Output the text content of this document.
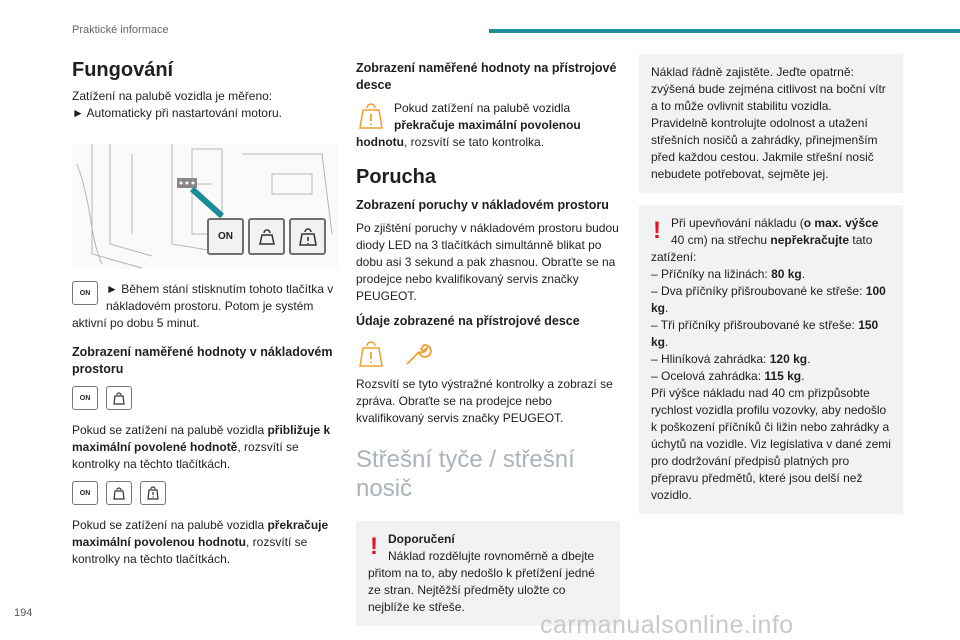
Praktické informace
Fungování

Zatížení na palubě vozidla je měřeno:

► Automaticky při nastartování motoru.

ON
ON	► Během stání stisknutím tohoto tlačítka v nákladovém prostoru. Potom je systém aktivní po dobu 5 minut.
Zobrazení naměřené hodnoty v nákladovém prostoru
ON

Pokud se zatížení na palubě vozidla přibližuje k maximální povolené hodnotě, rozsvítí se kontrolky na těchto tlačítkách.

ON

Pokud se zatížení na palubě vozidla překračuje maximální povolenou hodnotu, rozsvítí se kontrolky na těchto tlačítkách.

Zobrazení naměřené hodnoty na přístrojové desce
Pokud zatížení na palubě vozidla překračuje maximální povolenou hodnotu, rozsvítí se tato kontrolka.
Porucha
Zobrazení poruchy v nákladovém prostoru

Po zjištění poruchy v nákladovém prostoru budou diody LED na 3 tlačítkách simultánně blikat po dobu asi 3 sekund a pak zhasnou. Obraťte se na prodejce nebo kvalifikovaný servis značky PEUGEOT.

Údaje zobrazené na přístrojové desce

Rozsvítí se tyto výstražné kontrolky a zobrazí se zpráva. Obraťte se na prodejce nebo kvalifikovaný servis značky PEUGEOT.

Střešní tyče / střešní nosič
! Doporučení

Náklad rozdělujte rovnoměrně a dbejte přitom na to, aby nedošlo k přetížení jedné ze stran. Nejtěžší předměty uložte co nejblíže ke střeše.

Náklad řádně zajistěte. Jeďte opatrně: zvýšená bude zejména citlivost na boční vítr a to může ovlivnit stabilitu vozidla. Pravidelně kontrolujte odolnost a utažení střešních nosičů a zahrádky, přinejmenším před každou cestou. Jakmile střešní nosič nebudete potřebovat, sejměte jej.

! Při upevňování nákladu (o max. výšce 40 cm) na střechu nepřekračujte tato zatížení:

– Příčníky na ližinách: 80 kg.

– Dva příčníky přišroubované ke střeše: 100 kg.

– Tři příčníky přišroubované ke střeše: 150 kg.

– Hliníková zahrádka: 120 kg.

– Ocelová zahrádka: 115 kg.

Při výšce nákladu nad 40 cm přizpůsobte rychlost vozidla profilu vozovky, aby nedošlo k poškození příčníků či ližin nebo zahrádky a úchytů na vozidle. Viz legislativa v dané zemi pro dodržování předpisů platných pro přepravu předmětů, které jsou delší než vozidlo.

194	carmanualsonline.info
